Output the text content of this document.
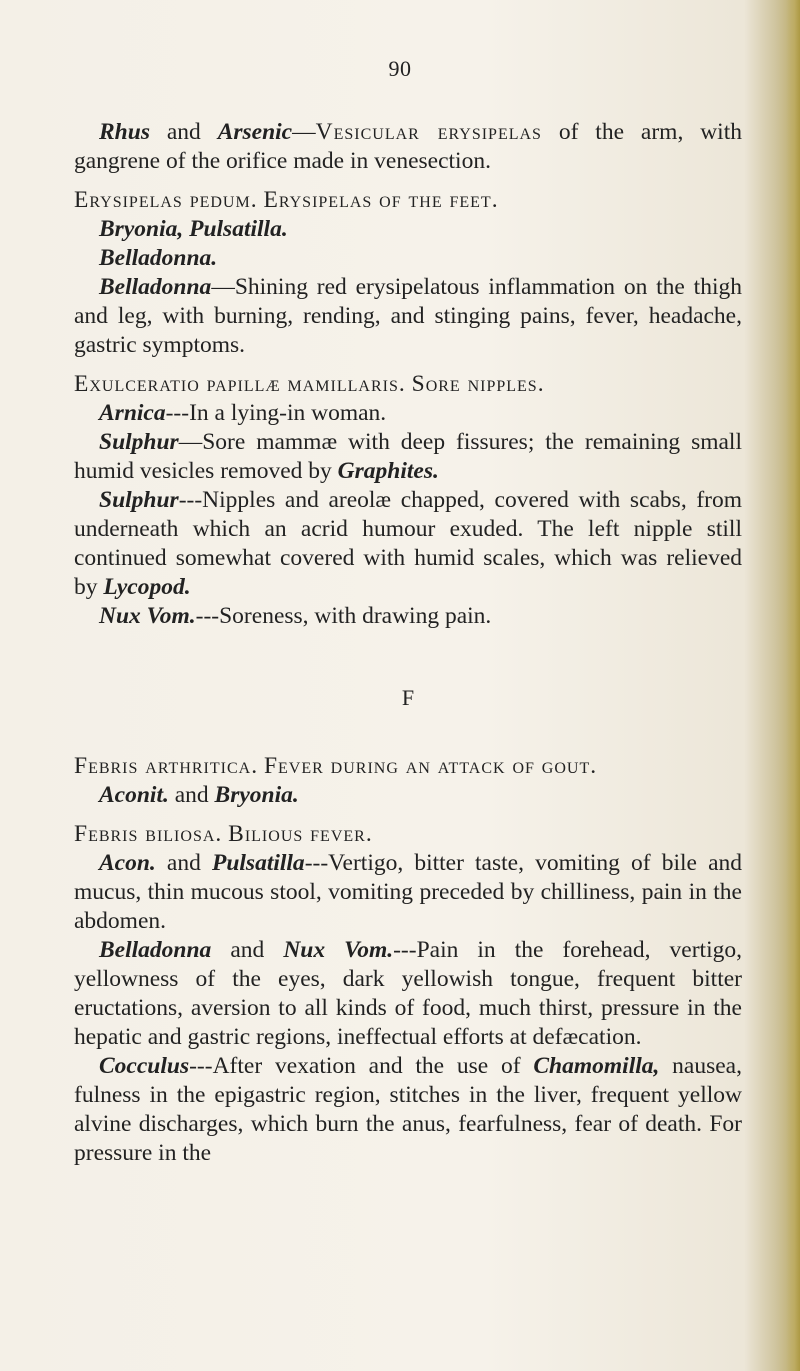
90

Rhus and Arsenic—Vesicular erysipelas of the arm, with gangrene of the orifice made in venesection.

Erysipelas pedum. Erysipelas of the feet.

Bryonia, Pulsatilla.

Belladonna.

Belladonna—Shining red erysipelatous inflammation on the thigh and leg, with burning, rending, and stinging pains, fever, headache, gastric symptoms.

Exulceratio papillæ mamillaris. Sore nipples.

Arnica---In a lying-in woman.

Sulphur—Sore mammæ with deep fissures; the remaining small humid vesicles removed by Graphites.

Sulphur---Nipples and areolæ chapped, covered with scabs, from underneath which an acrid humour exuded. The left nipple still continued somewhat covered with humid scales, which was relieved by Lycopod.

Nux Vom.---Soreness, with drawing pain.

F

Febris arthritica. Fever during an attack of gout.

Aconit. and Bryonia.

Febris biliosa. Bilious fever.

Acon. and Pulsatilla---Vertigo, bitter taste, vomiting of bile and mucus, thin mucous stool, vomiting preceded by chilliness, pain in the abdomen.

Belladonna and Nux Vom.---Pain in the forehead, vertigo, yellowness of the eyes, dark yellowish tongue, frequent bitter eructations, aversion to all kinds of food, much thirst, pressure in the hepatic and gastric regions, ineffectual efforts at defæcation.

Cocculus---After vexation and the use of Chamomilla, nausea, fulness in the epigastric region, stitches in the liver, frequent yellow alvine discharges, which burn the anus, fearfulness, fear of death. For pressure in the
